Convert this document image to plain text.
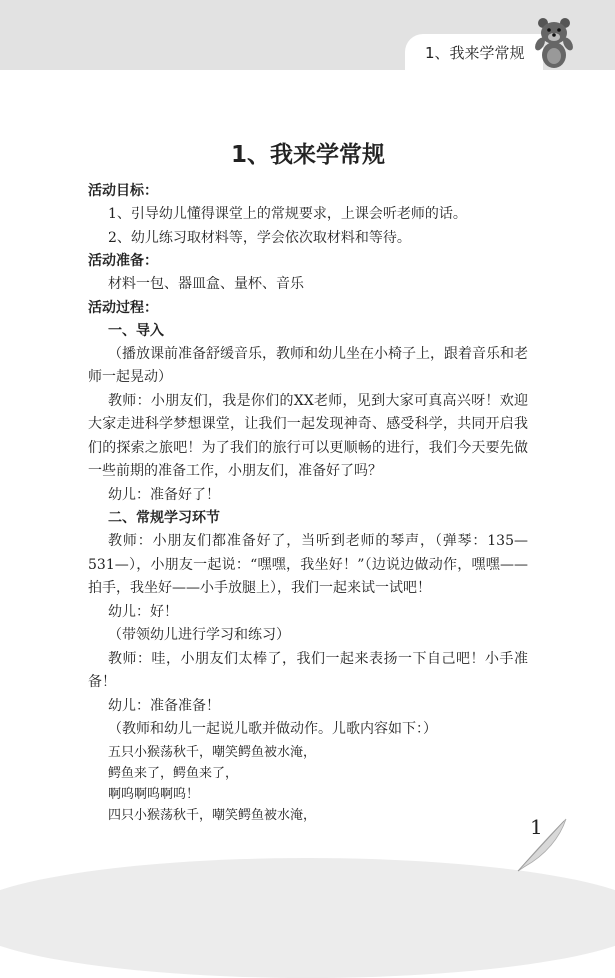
1、我来学常规
1、我来学常规
活动目标：
1、引导幼儿懂得课堂上的常规要求，上课会听老师的话。
2、幼儿练习取材料等，学会依次取材料和等待。
活动准备：
材料一包、器皿盒、量杯、音乐
活动过程：
一、导入
（播放课前准备舒缓音乐，教师和幼儿坐在小椅子上，跟着音乐和老师一起晃动）
教师：小朋友们，我是你们的XX老师，见到大家可真高兴呀！欢迎大家走进科学梦想课堂，让我们一起发现神奇、感受科学，共同开启我们的探索之旅吧！为了我们的旅行可以更顺畅的进行，我们今天要先做一些前期的准备工作，小朋友们，准备好了吗？
幼儿：准备好了！
二、常规学习环节
教师：小朋友们都准备好了，当听到老师的琴声，（弹琴：135—531—），小朋友一起说：“嘿嘿，我坐好！”（边说边做动作，嘿嘿——拍手，我坐好——小手放腿上），我们一起来试一试吧！
幼儿：好！
（带领幼儿进行学习和练习）
教师：哇，小朋友们太棒了，我们一起来表扬一下自己吧！小手准备！
幼儿：准备准备！
（教师和幼儿一起说儿歌并做动作。儿歌内容如下：）
五只小猴荡秋千，嘲笑鳄鱼被水淹，
鳄鱼来了，鳄鱼来了，
啊呜啊呜啊呜！
四只小猴荡秋千，嘲笑鳄鱼被水淹，	1
